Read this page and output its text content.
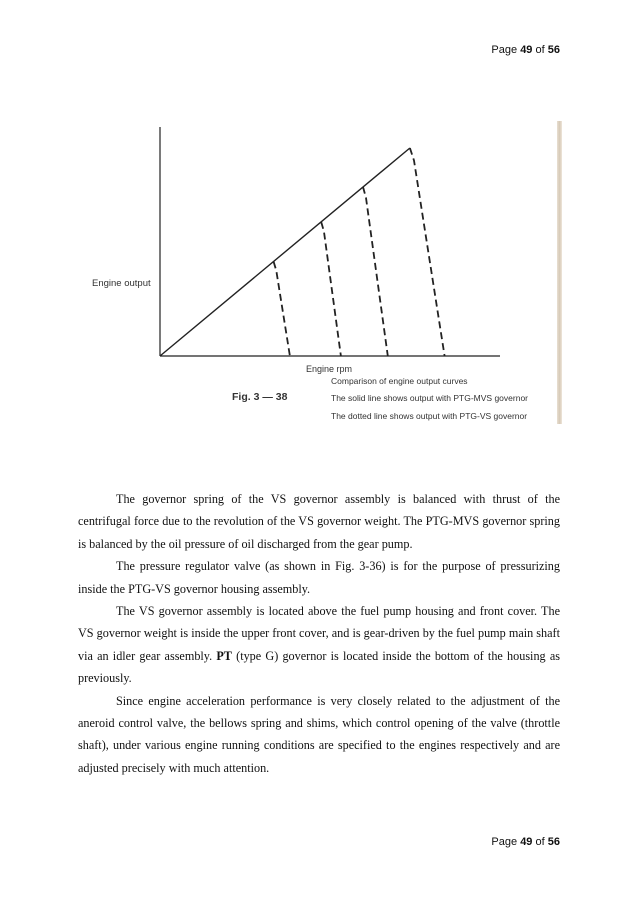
Page 49 of 56
Engine output
Engine rpm
Comparison of engine output curves
Fig. 3 — 38	The solid line shows output with PTG-MVS governor
The dotted line shows output with PTG-VS governor

The governor spring of the VS governor assembly is balanced with thrust of the centrifugal force due to the revolution of the VS governor weight. The PTG-MVS governor spring is balanced by the oil pressure of oil discharged from the gear pump.

The pressure regulator valve (as shown in Fig. 3-36) is for the purpose of pressurizing inside the PTG-VS governor housing assembly.

The VS governor assembly is located above the fuel pump housing and front cover. The VS governor weight is inside the upper front cover, and is gear-driven by the fuel pump main shaft via an idler gear assembly. PT (type G) governor is located inside the bottom of the housing as previously.

Since engine acceleration performance is very closely related to the adjustment of the aneroid control valve, the bellows spring and shims, which control opening of the valve (throttle shaft), under various engine running conditions are specified to the engines respectively and are adjusted precisely with much attention.

Page 49 of 56
